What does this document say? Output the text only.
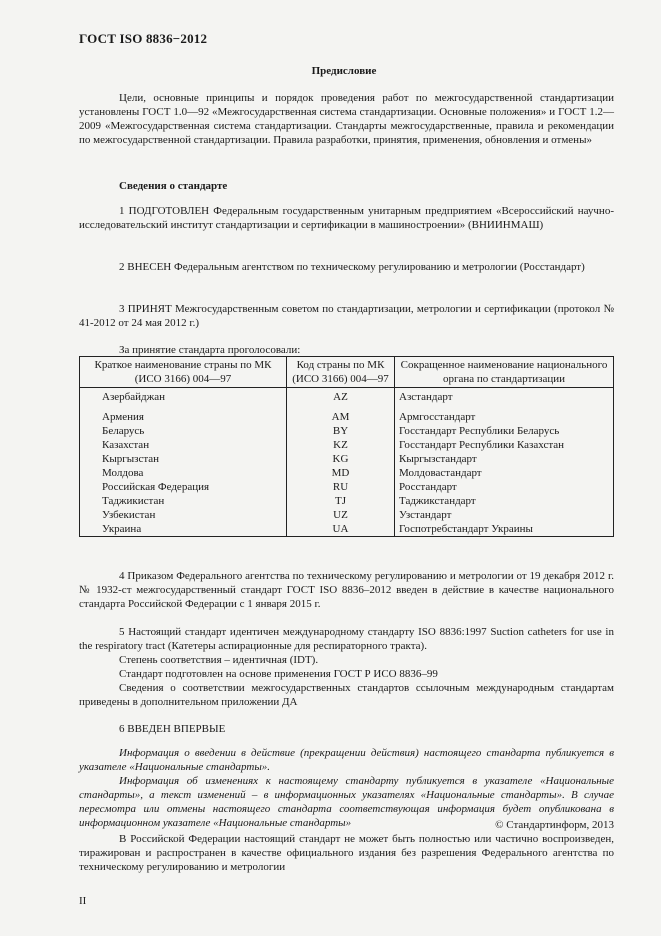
ГОСТ ISO 8836−2012
Предисловие
Цели, основные принципы и порядок проведения работ по межгосударственной стандартизации установлены ГОСТ 1.0—92 «Межгосударственная система стандартизации. Основные положения» и ГОСТ 1.2—2009 «Межгосударственная система стандартизации. Стандарты межгосударственные, правила и рекомендации по межгосударственной стандартизации. Правила разработки, принятия, применения, обновления и отмены»
Сведения о стандарте
1 ПОДГОТОВЛЕН Федеральным государственным унитарным предприятием «Всероссийский научно-исследовательский институт стандартизации и сертификации в машиностроении» (ВНИИНМАШ)
2 ВНЕСЕН Федеральным агентством по техническому регулированию и метрологии (Росстандарт)
3 ПРИНЯТ Межгосударственным советом по стандартизации, метрологии и сертификации (протокол № 41-2012 от 24 мая 2012 г.)
За принятие стандарта проголосовали:
Краткое наименование страны по МК (ИСО 3166) 004—97	Код страны по МК (ИСО 3166) 004—97	Сокращенное наименование национального органа по стандартизации
Азербайджан	AZ	Азстандарт
Армения	AM	Армгосстандарт
Беларусь	BY	Госстандарт Республики Беларусь
Казахстан	KZ	Госстандарт Республики Казахстан
Кыргызстан	KG	Кыргызстандарт
Молдова	MD	Молдовастандарт
Российская Федерация	RU	Росстандарт
Таджикистан	TJ	Таджикстандарт
Узбекистан	UZ	Узстандарт
Украина	UA	Госпотребстандарт Украины
4 Приказом Федерального агентства по техническому регулированию и метрологии от 19 декабря 2012 г. № 1932-ст межгосударственный стандарт ГОСТ ISO 8836–2012 введен в действие в качестве национального стандарта Российской Федерации с 1 января 2015 г.

5 Настоящий стандарт идентичен международному стандарту ISO 8836:1997 Suction catheters for use in the respiratory tract (Катетеры аспирационные для респираторного тракта).

Степень соответствия – идентичная (IDT).

Стандарт подготовлен на основе применения ГОСТ Р ИСО 8836–99

Сведения о соответствии межгосударственных стандартов ссылочным международным стандартам приведены в дополнительном приложении ДА

6 ВВЕДЕН ВПЕРВЫЕ

Информация о введении в действие (прекращении действия) настоящего стандарта публикуется в указателе «Национальные стандарты».

Информация об изменениях к настоящему стандарту публикуется в указателе «Национальные стандарты», а текст изменений – в информационных указателях «Национальные стандарты». В случае пересмотра или отмены настоящего стандарта соответствующая информация будет опубликована в информационном указателе «Национальные стандарты»	© Стандартинформ, 2013
В Российской Федерации настоящий стандарт не может быть полностью или частично воспроизведен, тиражирован и распространен в качестве официального издания без разрешения Федерального агентства по техническому регулированию и метрологии
II
